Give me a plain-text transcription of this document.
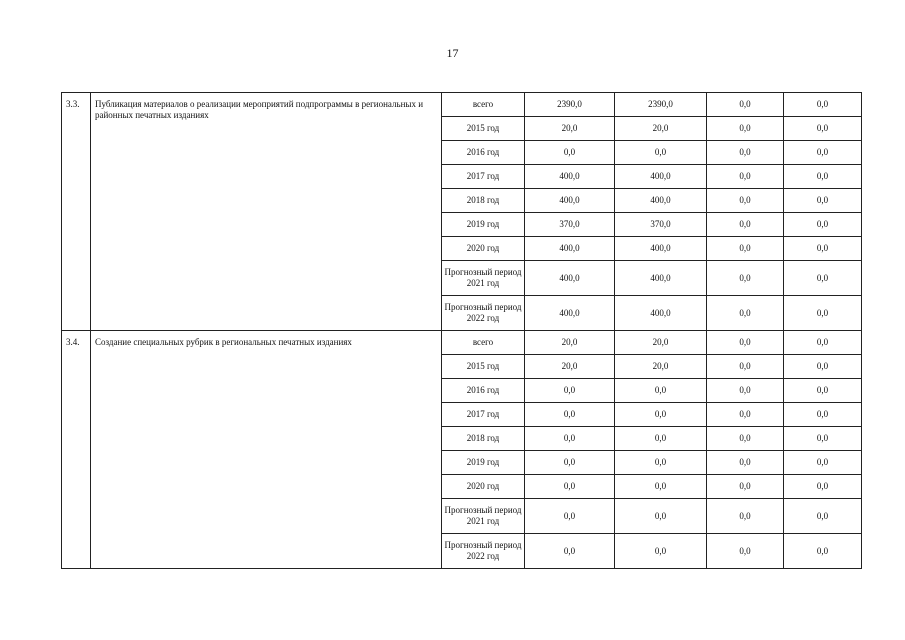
17
3.3.	Публикация материалов о реализации мероприятий подпрограммы в региональных и районных печатных изданиях	всего	2390,0	2390,0	0,0	0,0
		2015 год	20,0	20,0	0,0	0,0
		2016 год	0,0	0,0	0,0	0,0
		2017 год	400,0	400,0	0,0	0,0
		2018 год	400,0	400,0	0,0	0,0
		2019 год	370,0	370,0	0,0	0,0
		2020 год	400,0	400,0	0,0	0,0
		Прогнозный период 2021 год	400,0	400,0	0,0	0,0
		Прогнозный период 2022 год	400,0	400,0	0,0	0,0
3.4.	Создание специальных рубрик в региональных печатных изданиях	всего	20,0	20,0	0,0	0,0
		2015 год	20,0	20,0	0,0	0,0
		2016 год	0,0	0,0	0,0	0,0
		2017 год	0,0	0,0	0,0	0,0
		2018 год	0,0	0,0	0,0	0,0
		2019 год	0,0	0,0	0,0	0,0
		2020 год	0,0	0,0	0,0	0,0
		Прогнозный период 2021 год	0,0	0,0	0,0	0,0
		Прогнозный период 2022 год	0,0	0,0	0,0	0,0
